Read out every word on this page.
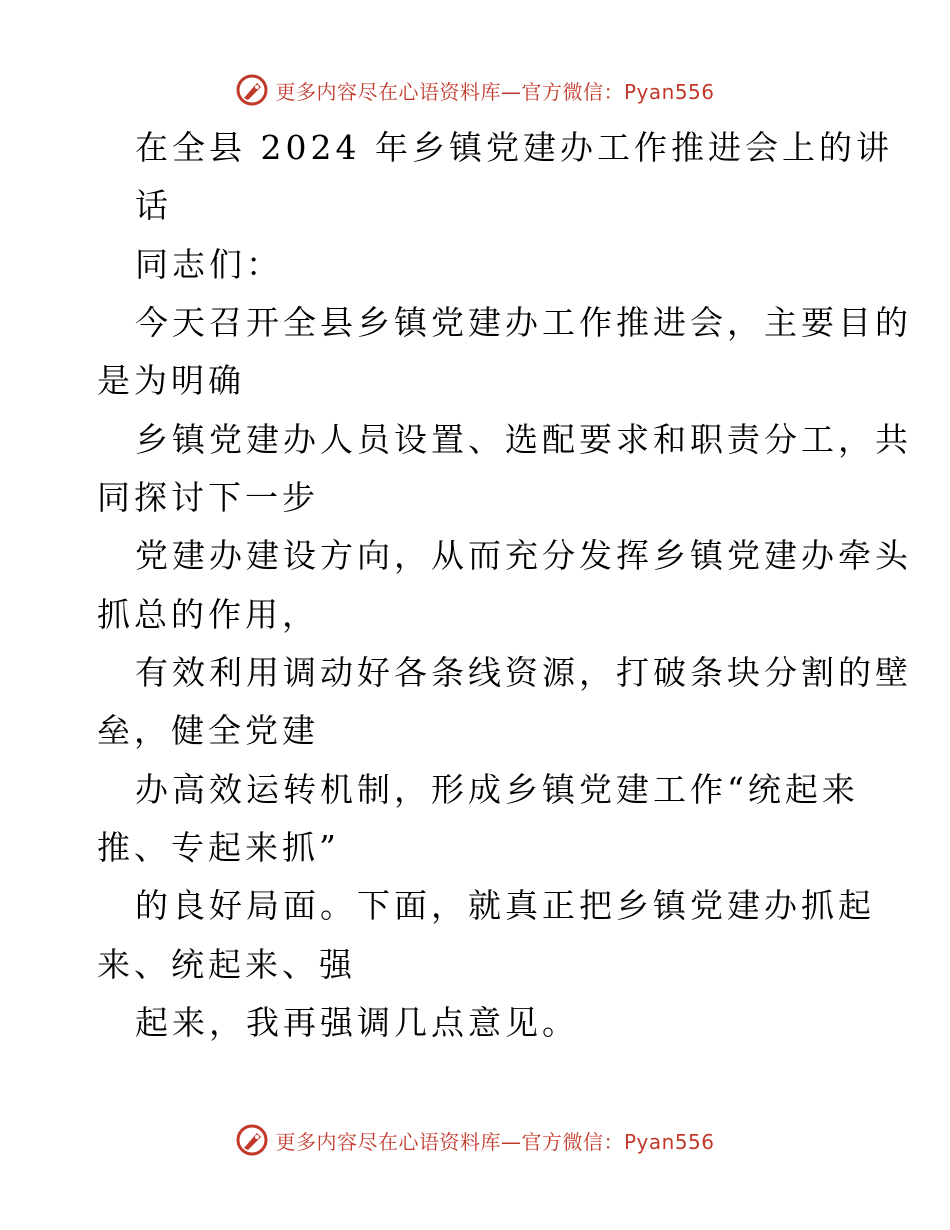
更多内容尽在心语资料库—官方微信：Pyan556
在全县 2024 年乡镇党建办工作推进会上的讲
话
同志们：
今天召开全县乡镇党建办工作推进会，主要目的
是为明确
乡镇党建办人员设置、选配要求和职责分工，共
同探讨下一步
党建办建设方向，从而充分发挥乡镇党建办牵头
抓总的作用，
有效利用调动好各条线资源，打破条块分割的壁
垒，健全党建
办高效运转机制，形成乡镇党建工作“统起来
推、专起来抓”
的良好局面。下面，就真正把乡镇党建办抓起
来、统起来、强
起来，我再强调几点意见。
更多内容尽在心语资料库—官方微信：Pyan556
